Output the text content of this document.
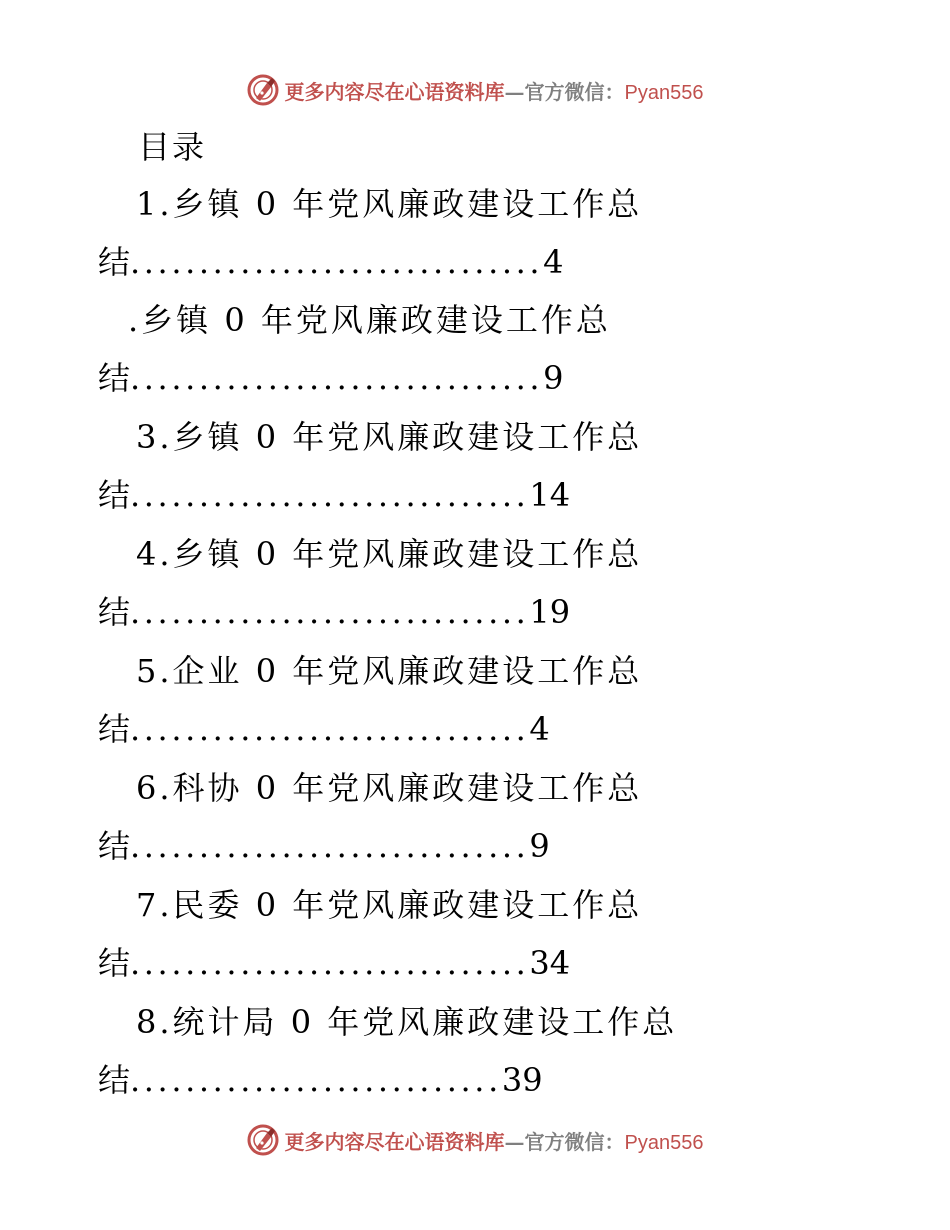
更多内容尽在心语资料库—官方微信：Pyan556
目录
1.乡镇 0 年党风廉政建设工作总
结..............................4
.乡镇 0 年党风廉政建设工作总
结..............................9
3.乡镇 0 年党风廉政建设工作总
结.............................14
4.乡镇 0 年党风廉政建设工作总
结.............................19
5.企业 0 年党风廉政建设工作总
结.............................4
6.科协 0 年党风廉政建设工作总
结.............................9
7.民委 0 年党风廉政建设工作总
结.............................34
8.统计局 0 年党风廉政建设工作总
结...........................39
更多内容尽在心语资料库—官方微信：Pyan556
